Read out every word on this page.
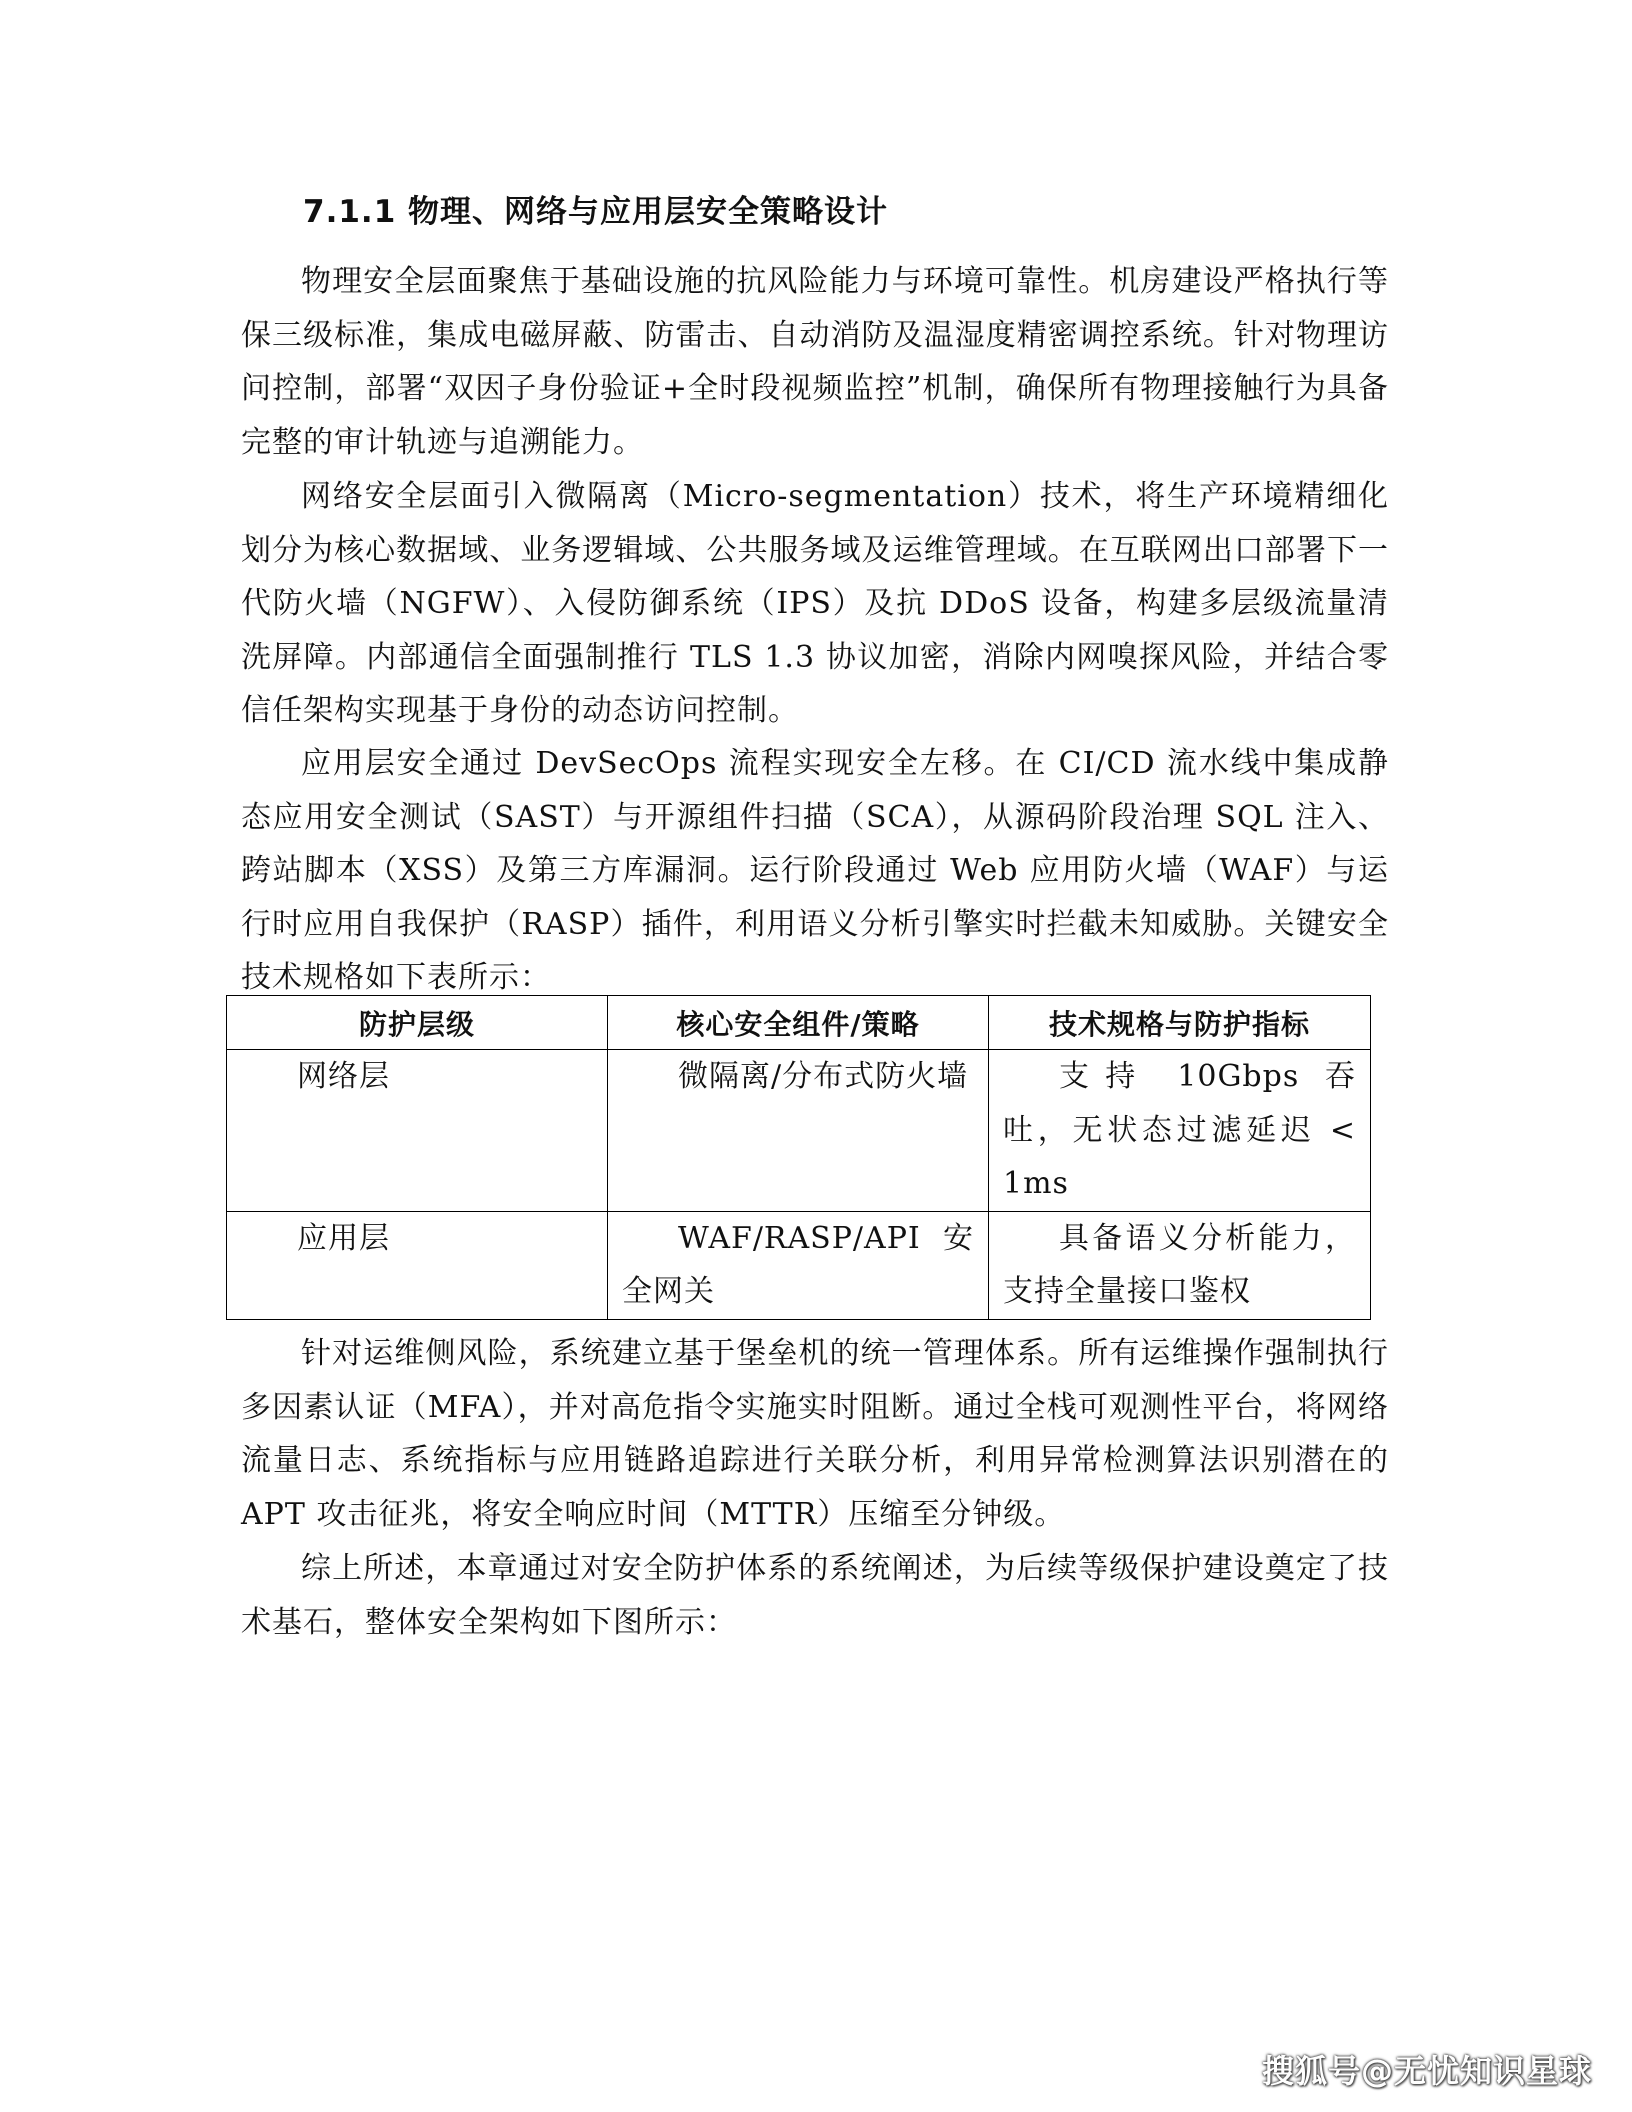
7.1.1 物理、网络与应用层安全策略设计

物理安全层面聚焦于基础设施的抗风险能力与环境可靠性。机房建设严格执行等保三级标准，集成电磁屏蔽、防雷击、自动消防及温湿度精密调控系统。针对物理访问控制，部署“双因子身份验证+全时段视频监控”机制，确保所有物理接触行为具备完整的审计轨迹与追溯能力。

网络安全层面引入微隔离（Micro-segmentation）技术，将生产环境精细化划分为核心数据域、业务逻辑域、公共服务域及运维管理域。在互联网出口部署下一代防火墙（NGFW）、入侵防御系统（IPS）及抗 DDoS 设备，构建多层级流量清洗屏障。内部通信全面强制推行 TLS 1.3 协议加密，消除内网嗅探风险，并结合零信任架构实现基于身份的动态访问控制。

应用层安全通过 DevSecOps 流程实现安全左移。在 CI/CD 流水线中集成静态应用安全测试（SAST）与开源组件扫描（SCA），从源码阶段治理 SQL 注入、跨站脚本（XSS）及第三方库漏洞。运行阶段通过 Web 应用防火墙（WAF）与运行时应用自我保护（RASP）插件，利用语义分析引擎实时拦截未知威胁。关键安全技术规格如下表所示：

防护层级	核心安全组件/策略	技术规格与防护指标
网络层	微隔离/分布式防火墙	支持 10Gbps 吞吐，无状态过滤延迟 < 1ms
应用层	WAF/RASP/API 安全网关	具备语义分析能力，支持全量接口鉴权

针对运维侧风险，系统建立基于堡垒机的统一管理体系。所有运维操作强制执行多因素认证（MFA），并对高危指令实施实时阻断。通过全栈可观测性平台，将网络流量日志、系统指标与应用链路追踪进行关联分析，利用异常检测算法识别潜在的 APT 攻击征兆，将安全响应时间（MTTR）压缩至分钟级。

综上所述，本章通过对安全防护体系的系统阐述，为后续等级保护建设奠定了技术基石，整体安全架构如下图所示：

搜狐号@无忧知识星球
